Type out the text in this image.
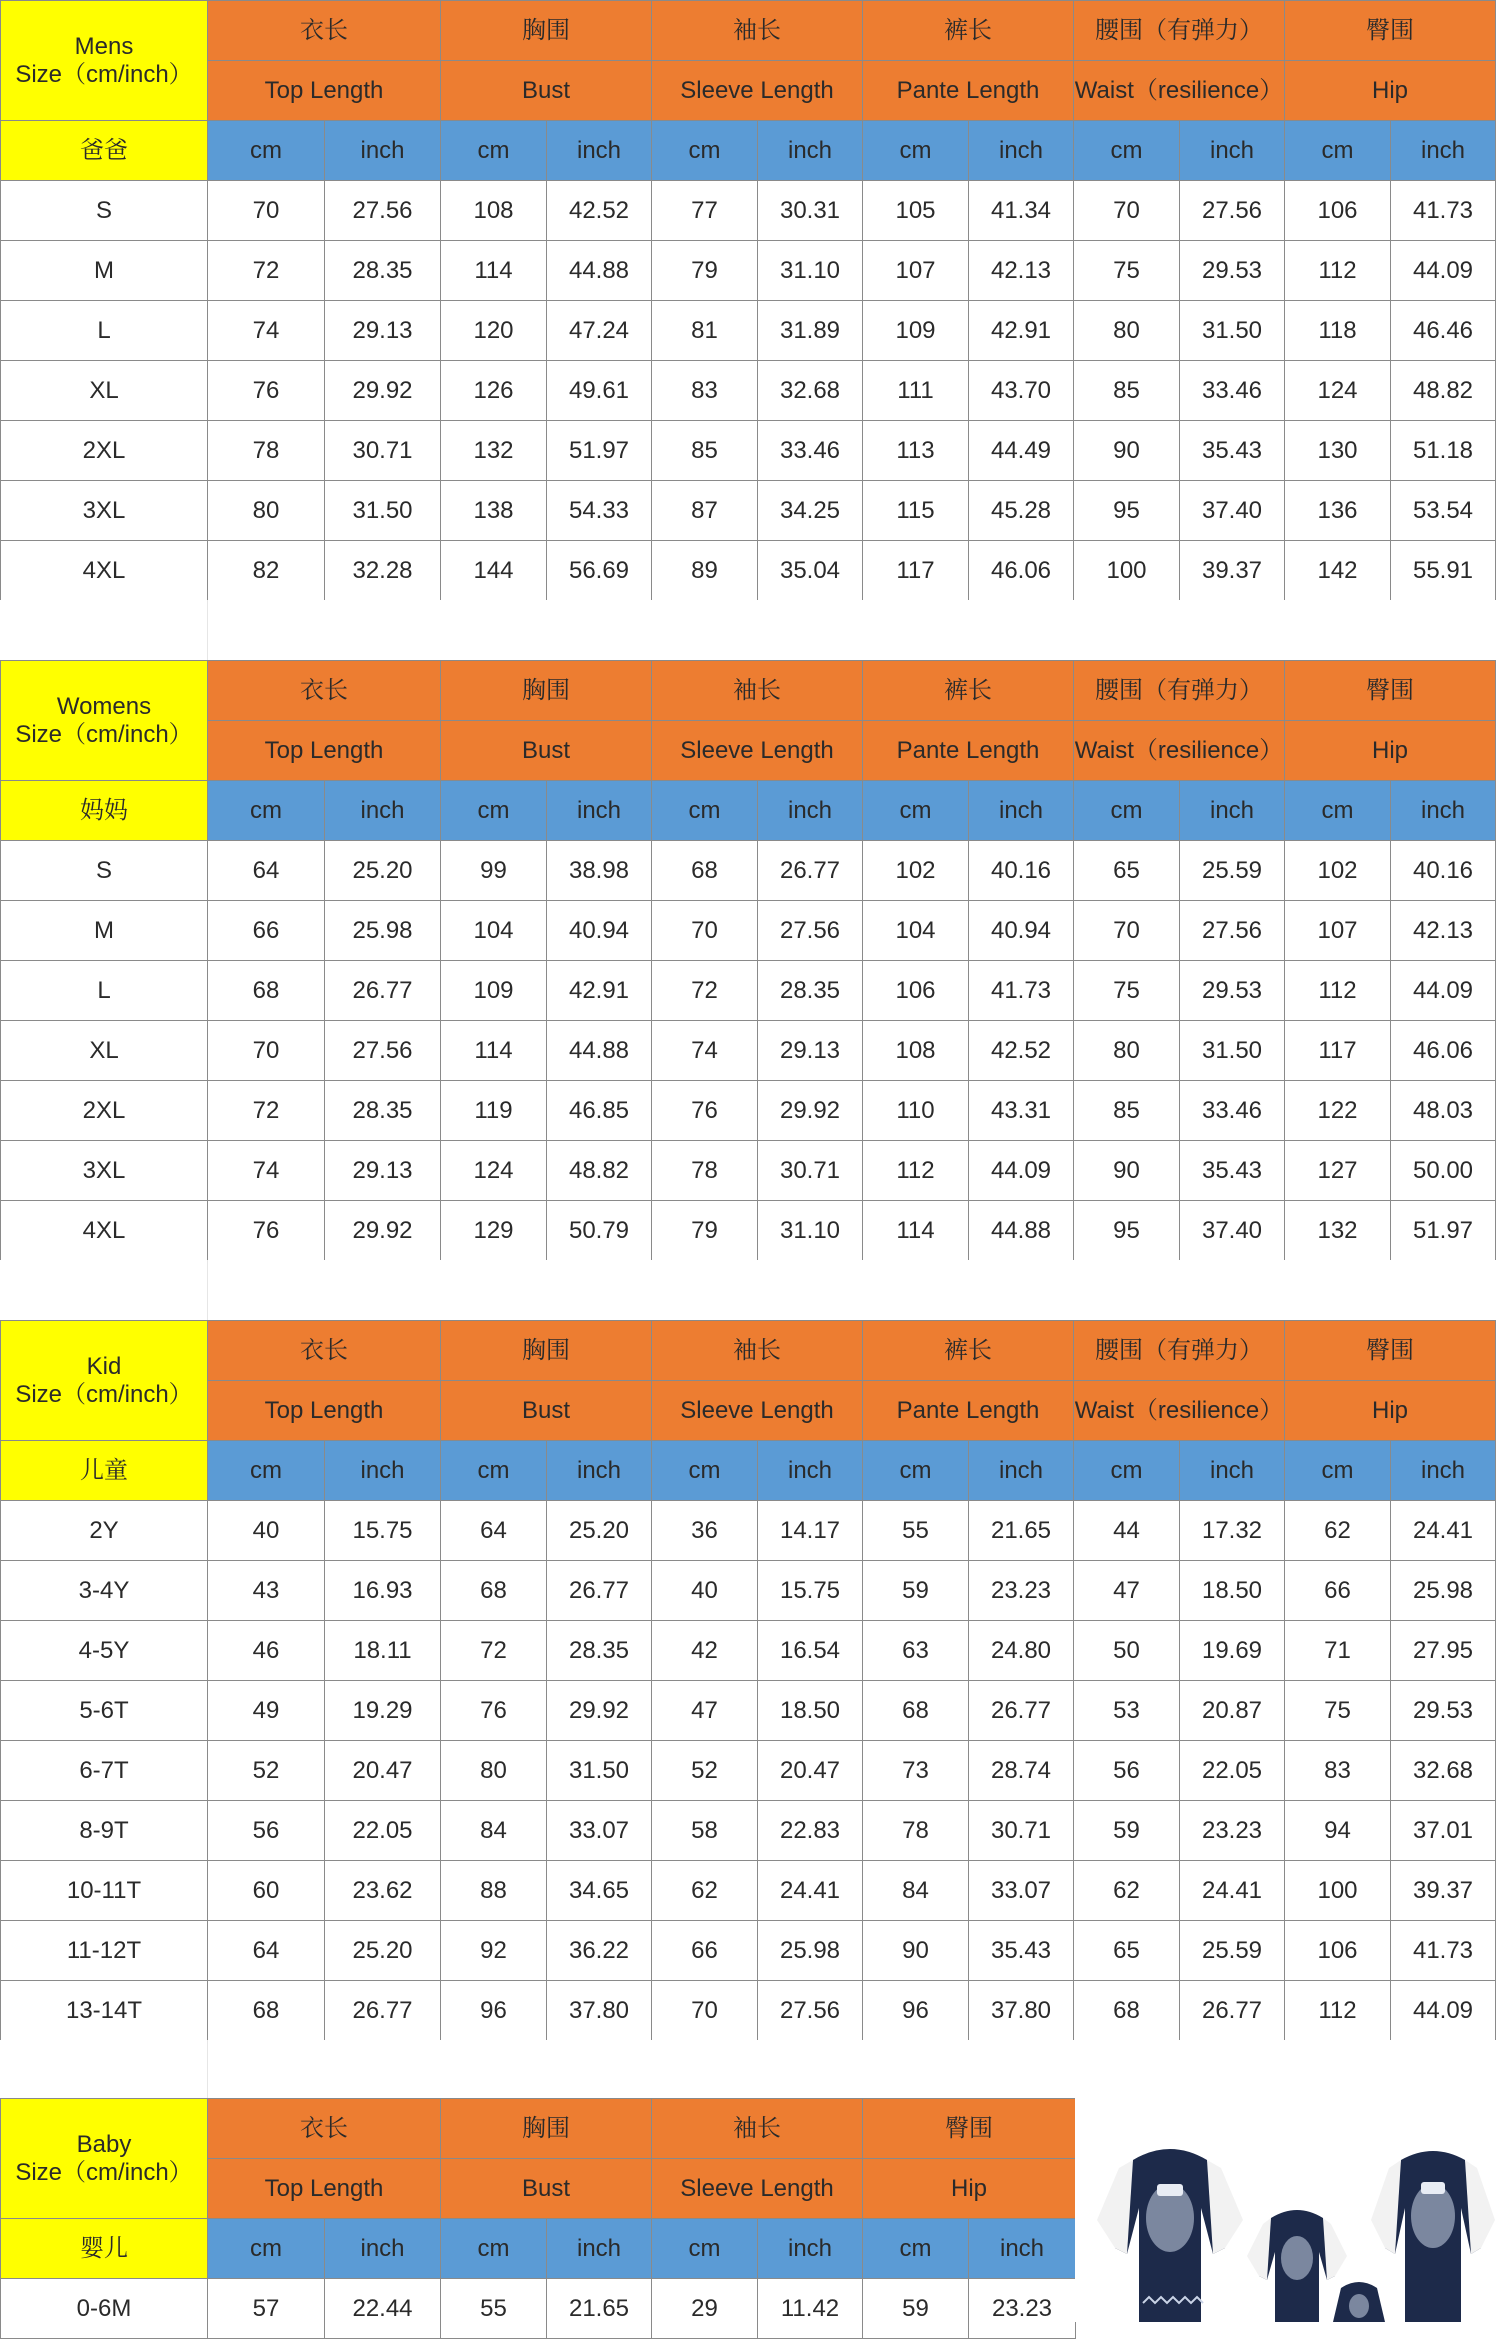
Mens
Size（cm/inch）	衣长		胸围		袖长		裤长		腰围（有弹力）		臀围	
	Top Length		Bust		Sleeve Length		Pante Length		Waist（resilience）		Hip	
爸爸	cm	inch	cm	inch	cm	inch	cm	inch	cm	inch	cm	inch
S	70	27.56	108	42.52	77	30.31	105	41.34	70	27.56	106	41.73
M	72	28.35	114	44.88	79	31.10	107	42.13	75	29.53	112	44.09
L	74	29.13	120	47.24	81	31.89	109	42.91	80	31.50	118	46.46
XL	76	29.92	126	49.61	83	32.68	111	43.70	85	33.46	124	48.82
2XL	78	30.71	132	51.97	85	33.46	113	44.49	90	35.43	130	51.18
3XL	80	31.50	138	54.33	87	34.25	115	45.28	95	37.40	136	53.54
4XL	82	32.28	144	56.69	89	35.04	117	46.06	100	39.37	142	55.91
Womens
Size（cm/inch）	衣长		胸围		袖长		裤长		腰围（有弹力）		臀围	
	Top Length		Bust		Sleeve Length		Pante Length		Waist（resilience）		Hip	
妈妈	cm	inch	cm	inch	cm	inch	cm	inch	cm	inch	cm	inch
S	64	25.20	99	38.98	68	26.77	102	40.16	65	25.59	102	40.16
M	66	25.98	104	40.94	70	27.56	104	40.94	70	27.56	107	42.13
L	68	26.77	109	42.91	72	28.35	106	41.73	75	29.53	112	44.09
XL	70	27.56	114	44.88	74	29.13	108	42.52	80	31.50	117	46.06
2XL	72	28.35	119	46.85	76	29.92	110	43.31	85	33.46	122	48.03
3XL	74	29.13	124	48.82	78	30.71	112	44.09	90	35.43	127	50.00
4XL	76	29.92	129	50.79	79	31.10	114	44.88	95	37.40	132	51.97
Kid
Size（cm/inch）	衣长		胸围		袖长		裤长		腰围（有弹力）		臀围	
	Top Length		Bust		Sleeve Length		Pante Length		Waist（resilience）		Hip	
儿童	cm	inch	cm	inch	cm	inch	cm	inch	cm	inch	cm	inch
2Y	40	15.75	64	25.20	36	14.17	55	21.65	44	17.32	62	24.41
3-4Y	43	16.93	68	26.77	40	15.75	59	23.23	47	18.50	66	25.98
4-5Y	46	18.11	72	28.35	42	16.54	63	24.80	50	19.69	71	27.95
5-6T	49	19.29	76	29.92	47	18.50	68	26.77	53	20.87	75	29.53
6-7T	52	20.47	80	31.50	52	20.47	73	28.74	56	22.05	83	32.68
8-9T	56	22.05	84	33.07	58	22.83	78	30.71	59	23.23	94	37.01
10-11T	60	23.62	88	34.65	62	24.41	84	33.07	62	24.41	100	39.37
11-12T	64	25.20	92	36.22	66	25.98	90	35.43	65	25.59	106	41.73
13-14T	68	26.77	96	37.80	70	27.56	96	37.80	68	26.77	112	44.09
Baby
Size（cm/inch）	衣长		胸围		袖长		臀围	
	Top Length		Bust		Sleeve Length		Hip	
婴儿	cm	inch	cm	inch	cm	inch	cm	inch
0-6M	57	22.44	55	21.65	29	11.42	59	23.23
